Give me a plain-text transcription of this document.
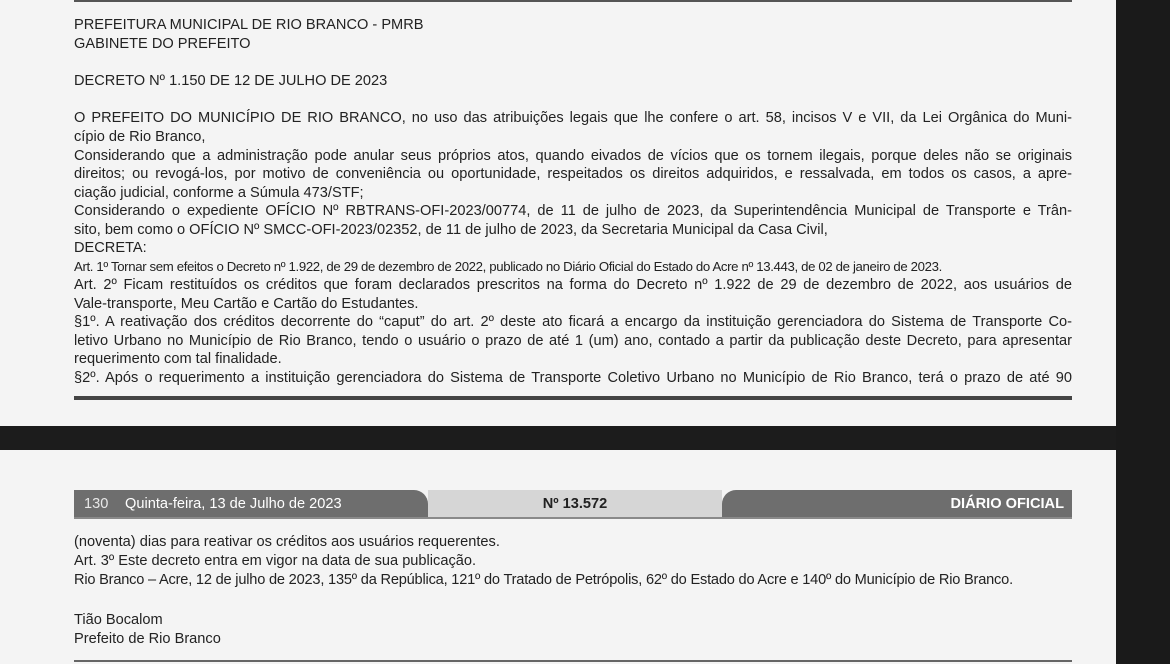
PREFEITURA MUNICIPAL DE RIO BRANCO - PMRB
GABINETE DO PREFEITO
DECRETO Nº 1.150 DE 12 DE JULHO DE 2023
O PREFEITO DO MUNICÍPIO DE RIO BRANCO, no uso das atribuições legais que lhe confere o art. 58, incisos V e VII, da Lei Orgânica do Muni-
cípio de Rio Branco,
Considerando que a administração pode anular seus próprios atos, quando eivados de vícios que os tornem ilegais, porque deles não se originais
direitos; ou revogá-los, por motivo de conveniência ou oportunidade, respeitados os direitos adquiridos, e ressalvada, em todos os casos, a apre-
ciação judicial, conforme a Súmula 473/STF;
Considerando o expediente OFÍCIO Nº RBTRANS-OFI-2023/00774, de 11 de julho de 2023, da Superintendência Municipal de Transporte e Trân-
sito, bem como o OFÍCIO Nº SMCC-OFI-2023/02352, de 11 de julho de 2023, da Secretaria Municipal da Casa Civil,
DECRETA:
Art. 1º Tornar sem efeitos o Decreto nº 1.922, de 29 de dezembro de 2022, publicado no Diário Oficial do Estado do Acre nº 13.443, de 02 de janeiro de 2023.
Art. 2º Ficam restituídos os créditos que foram declarados prescritos na forma do Decreto nº 1.922 de 29 de dezembro de 2022, aos usuários de
Vale-transporte, Meu Cartão e Cartão do Estudantes.
§1º. A reativação dos créditos decorrente do “caput” do art. 2º deste ato ficará a encargo da instituição gerenciadora do Sistema de Transporte Co-
letivo Urbano no Município de Rio Branco, tendo o usuário o prazo de até 1 (um) ano, contado a partir da publicação deste Decreto, para apresentar
requerimento com tal finalidade.
§2º. Após o requerimento a instituição gerenciadora do Sistema de Transporte Coletivo Urbano no Município de Rio Branco, terá o prazo de até 90
130 Quinta-feira, 13 de Julho de 2023	Nº 13.572	DIÁRIO OFICIAL
(noventa) dias para reativar os créditos aos usuários requerentes.
Art. 3º Este decreto entra em vigor na data de sua publicação.
Rio Branco – Acre, 12 de julho de 2023, 135º da República, 121º do Tratado de Petrópolis, 62º do Estado do Acre e 140º do Município de Rio Branco.
Tião Bocalom
Prefeito de Rio Branco
